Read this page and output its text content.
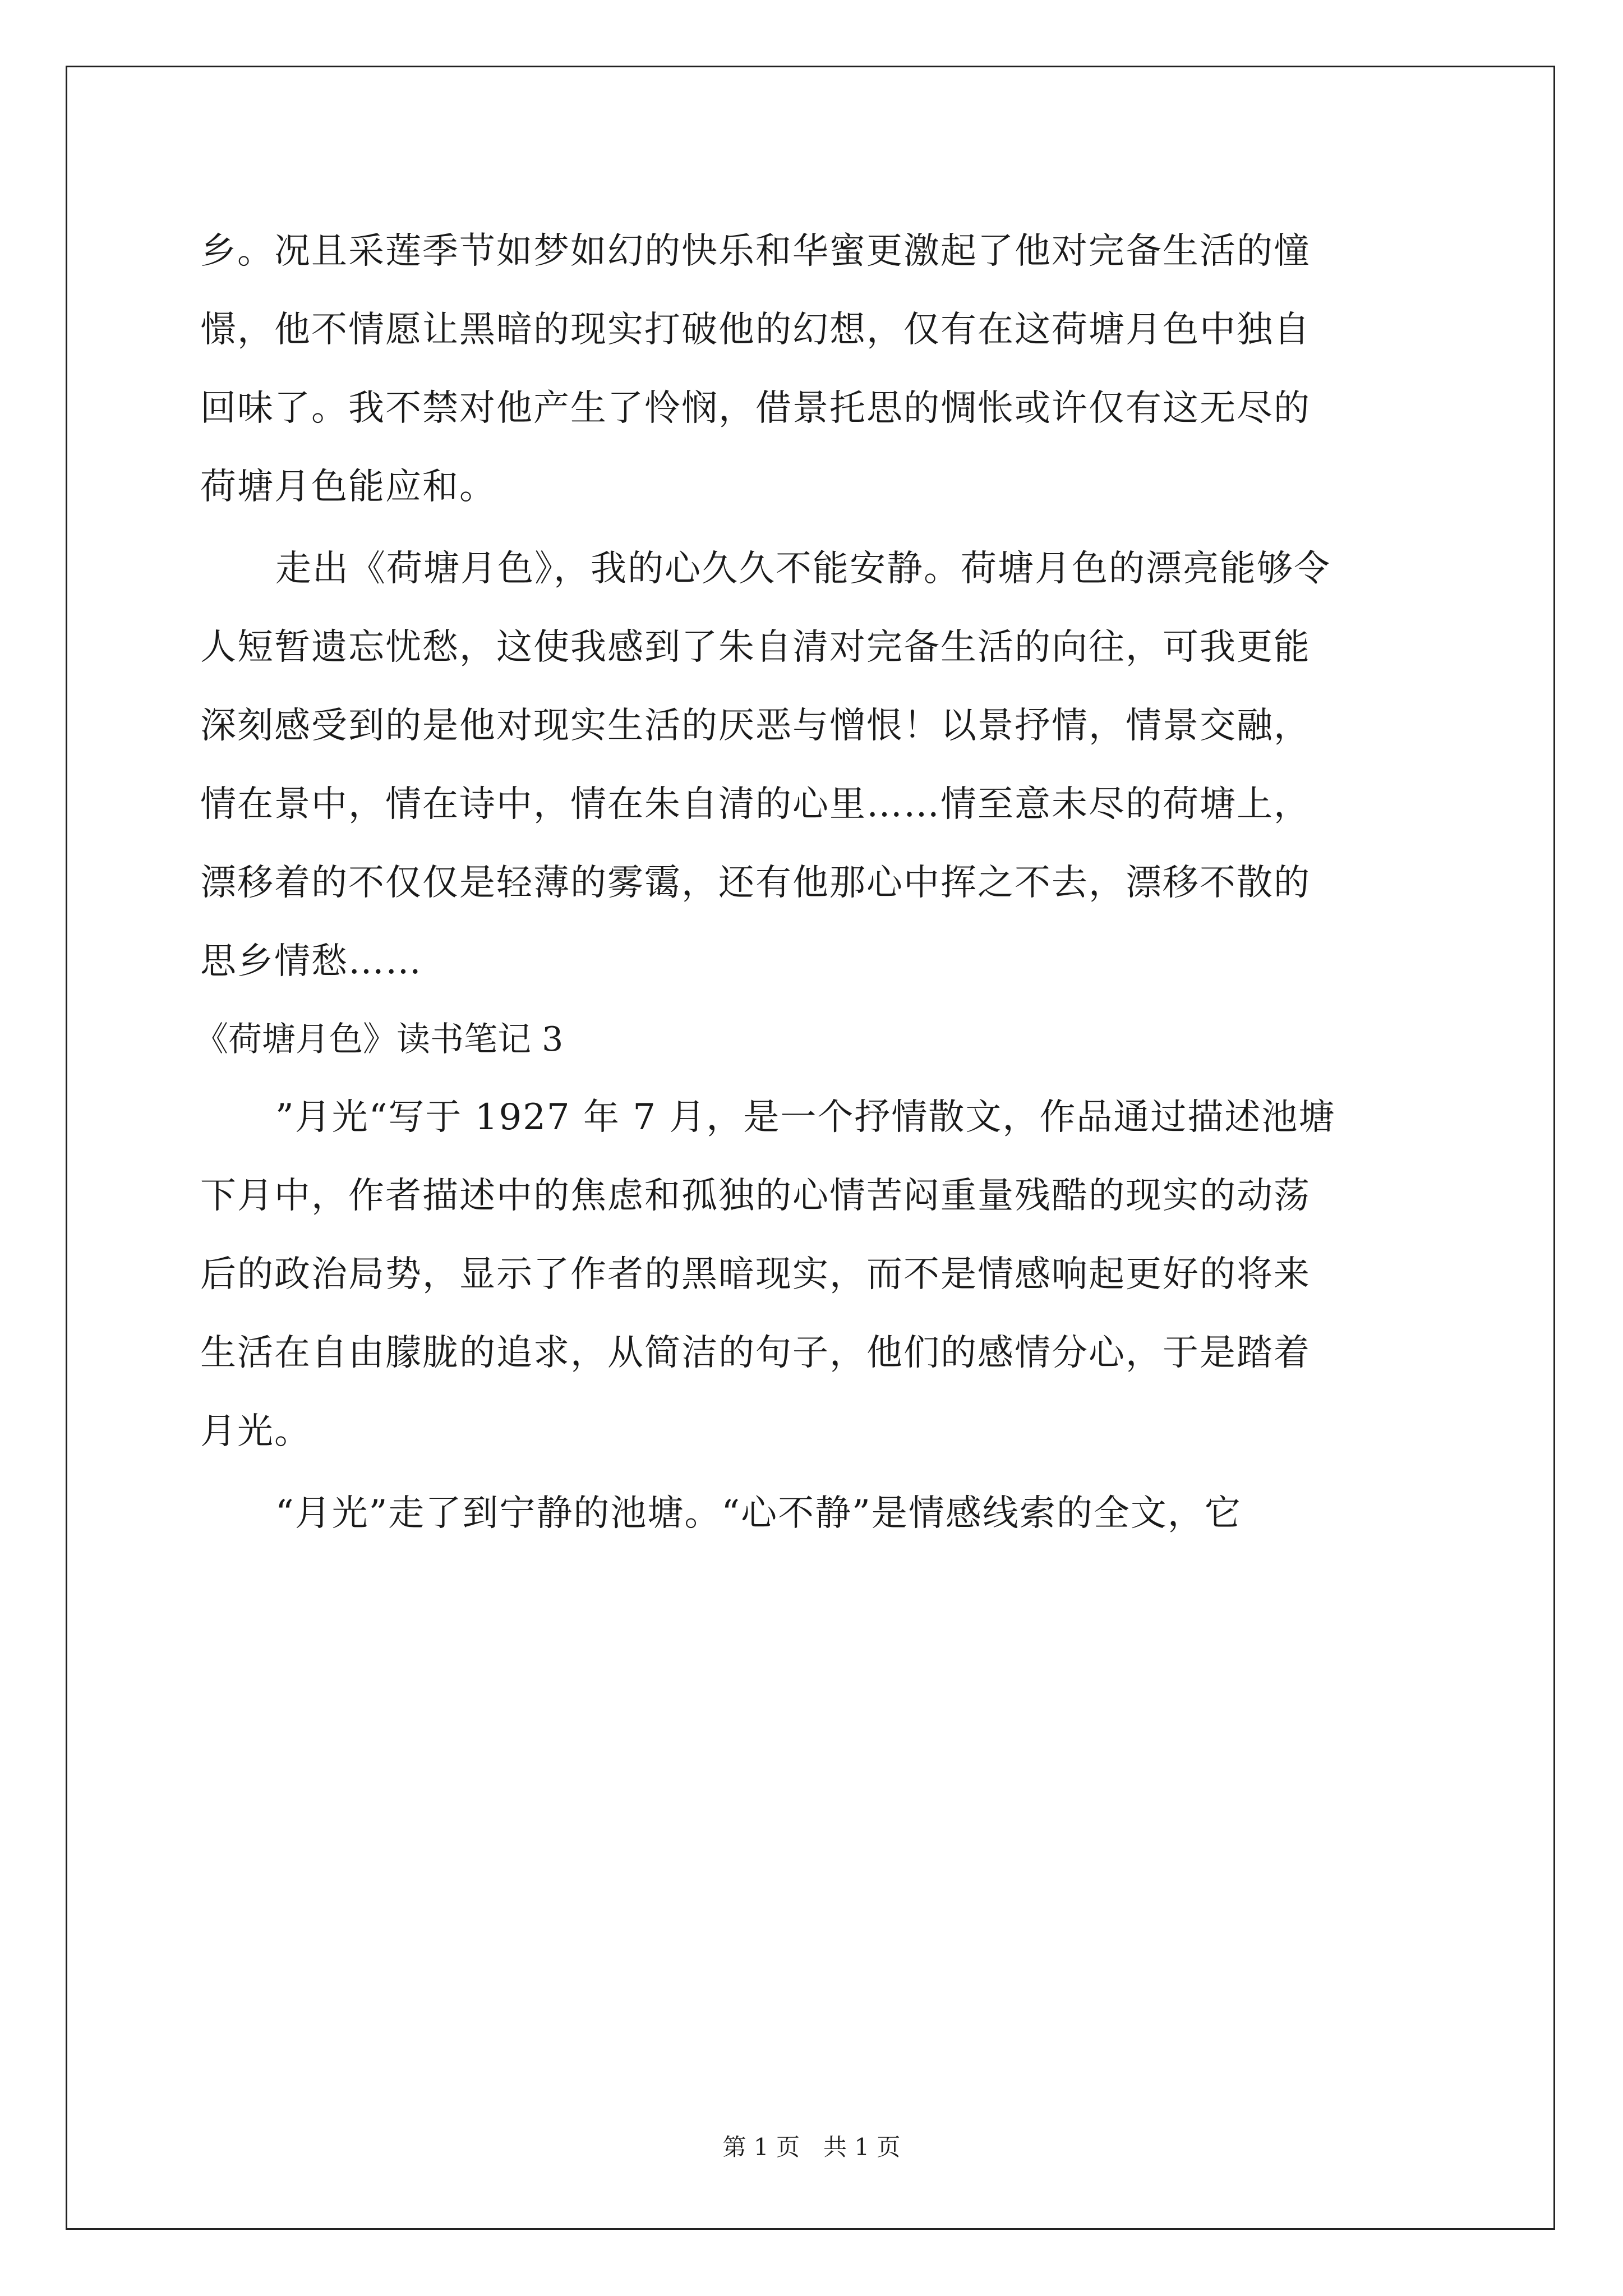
乡。况且采莲季节如梦如幻的快乐和华蜜更激起了他对完备生活的憧
憬，他不情愿让黑暗的现实打破他的幻想，仅有在这荷塘月色中独自
回味了。我不禁对他产生了怜悯，借景托思的惆怅或许仅有这无尽的
荷塘月色能应和。
走出《荷塘月色》，我的心久久不能安静。荷塘月色的漂亮能够令
人短暂遗忘忧愁，这使我感到了朱自清对完备生活的向往，可我更能
深刻感受到的是他对现实生活的厌恶与憎恨！以景抒情，情景交融，
情在景中，情在诗中，情在朱自清的心里……情至意未尽的荷塘上，
漂移着的不仅仅是轻薄的雾霭，还有他那心中挥之不去，漂移不散的
思乡情愁……
《荷塘月色》读书笔记 3
”月光“写于 1927 年 7 月，是一个抒情散文，作品通过描述池塘
下月中，作者描述中的焦虑和孤独的心情苦闷重量残酷的现实的动荡
后的政治局势，显示了作者的黑暗现实，而不是情感响起更好的将来
生活在自由朦胧的追求，从简洁的句子，他们的感情分心，于是踏着
月光。
“月光”走了到宁静的池塘。“心不静”是情感线索的全文，它
第 1 页　共 1 页
